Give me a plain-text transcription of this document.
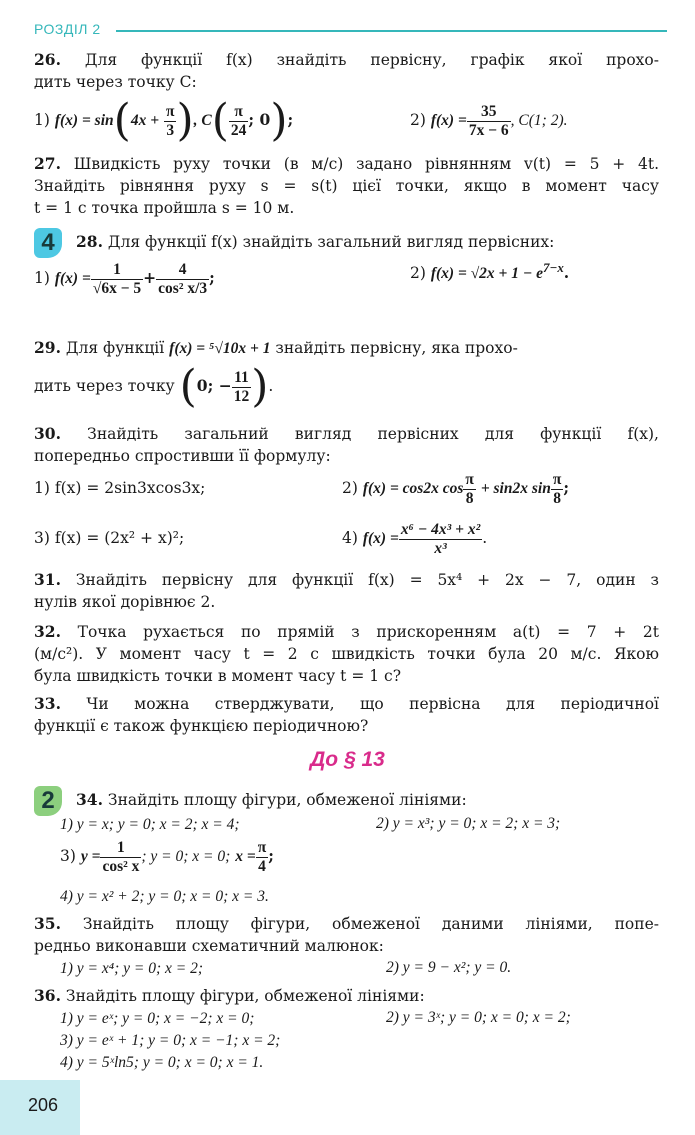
РОЗДІЛ 2
26. Для функції f(x) знайдіть первісну, графік якої прохо-
дить через точку C:
1) $f(x) = \sin(4x + \frac{\pi}{3}$ ), $C( \frac{\pi}{24}$ ; 0);	2) $f(x) = \frac{35}{7x - 6}$ , C(1; 2).
27. Швидкість руху точки (в м/с) задано рівнянням v(t) = 5 + 4t.
Знайдіть рівняння руху s = s(t) цієї точки, якщо в момент часу
t = 1 с точка пройшла s = 10 м.
4	28. Для функції f(x) знайдіть загальний вигляд первісних:
1) $f(x) = \frac{1}{√6x - 5} + \frac{4}{\text{cos² x/3}}$ ;	2) $f(x) = √2x + 1 - e^{7-x}$.
29. Для функції f(x) = ⁵√10x + 1 знайдіть первісну, яка прохо-
дить через точку (0; − $\frac{11}{12}$ ).
30. Знайдіть загальний вигляд первісних для функції f(x),
попередньо спростивши її формулу:
1) f(x) = 2sin3xcos3x;	2) f(x) = cos2x $\cos \frac{\pi}{8} + \sin 2x$ $\sin \frac{\pi}{8}$ ;
3) f(x) = (2x² + x)²;	4) $f(x) = \frac{\text{x⁶ − 4x³ + x²}}{\text{x³}}$ .
31. Знайдіть первісну для функції f(x) = 5x⁴ + 2x − 7, один з
нулів якої дорівнює 2.
32. Точка рухається по прямій з прискоренням a(t) = 7 + 2t
(м/с²). У момент часу t = 2 с швидкість точки була 20 м/с. Якою
була швидкість точки в момент часу t = 1 с?
33. Чи можна стверджувати, що первісна для періодичної
функції є також функцією періодичною?
До § 13
2	34. Знайдіть площу фігури, обмеженої лініями:
1) y = x; y = 0; x = 2; x = 4;	2) y = x³; y = 0; x = 2; x = 3;
3) $y = \frac{1}{\text{cos² x}}$ ; y = 0; x = 0; $x = \frac{\pi}{4}$ ;
4) y = x² + 2; y = 0; x = 0; x = 3.
35. Знайдіть площу фігури, обмеженої даними лініями, попе-
редньо виконавши схематичний малюнок:
1) y = x⁴; y = 0; x = 2;	2) y = 9 − x²; y = 0.
36. Знайдіть площу фігури, обмеженої лініями:
1) y = eˣ; y = 0; x = −2; x = 0;	2) y = 3ˣ; y = 0; x = 0; x = 2;
3) y = eˣ + 1; y = 0; x = −1; x = 2;
4) y = 5ˣln5; y = 0; x = 0; x = 1.
206
